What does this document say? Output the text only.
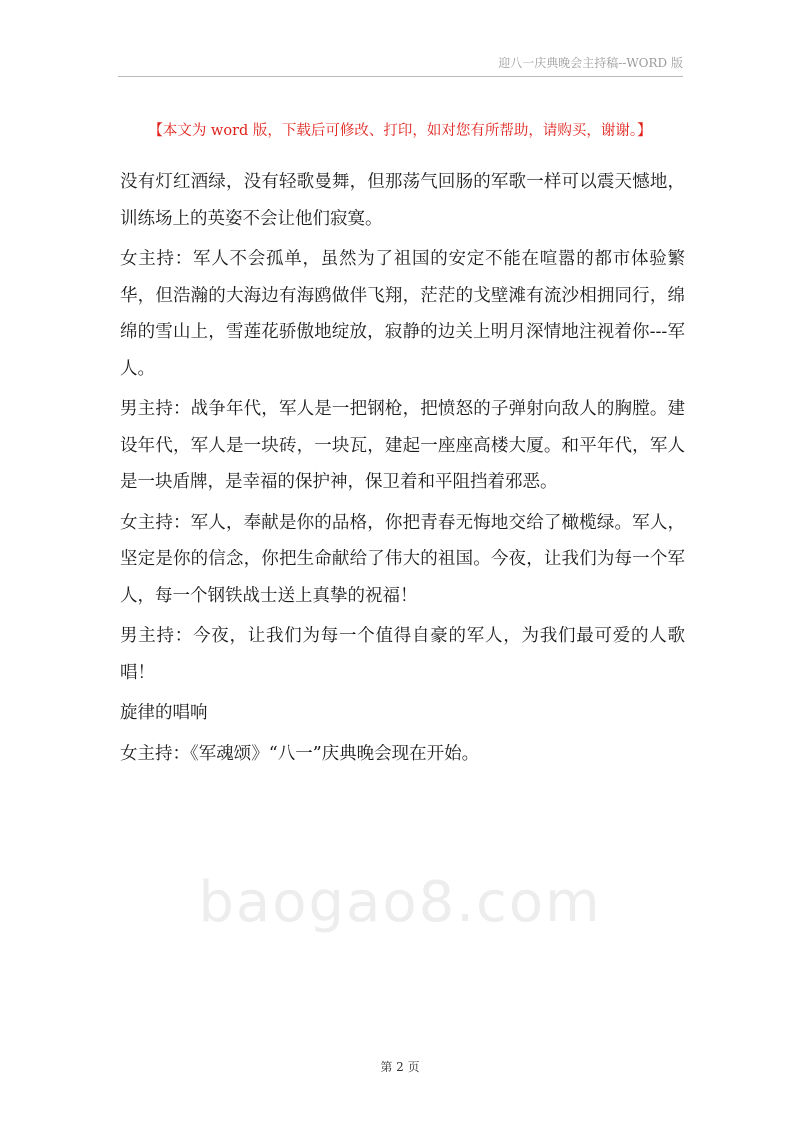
迎八一庆典晚会主持稿--WORD 版
【本文为 word 版，下载后可修改、打印，如对您有所帮助，请购买，谢谢。】

没有灯红酒绿，没有轻歌曼舞，但那荡气回肠的军歌一样可以震天憾地，训练场上的英姿不会让他们寂寞。

女主持：军人不会孤单，虽然为了祖国的安定不能在喧嚣的都市体验繁华，但浩瀚的大海边有海鸥做伴飞翔，茫茫的戈壁滩有流沙相拥同行，绵绵的雪山上，雪莲花骄傲地绽放，寂静的边关上明月深情地注视着你---军人。

男主持：战争年代，军人是一把钢枪，把愤怒的子弹射向敌人的胸膛。建设年代，军人是一块砖，一块瓦，建起一座座高楼大厦。和平年代，军人是一块盾牌，是幸福的保护神，保卫着和平阻挡着邪恶。

女主持：军人，奉献是你的品格，你把青春无悔地交给了橄榄绿。军人，坚定是你的信念，你把生命献给了伟大的祖国。今夜，让我们为每一个军人，每一个钢铁战士送上真挚的祝福！

男主持：今夜，让我们为每一个值得自豪的军人，为我们最可爱的人歌唱！

旋律的唱响

女主持：《军魂颂》“八一”庆典晚会现在开始。

baogao8.com
第 2 页
